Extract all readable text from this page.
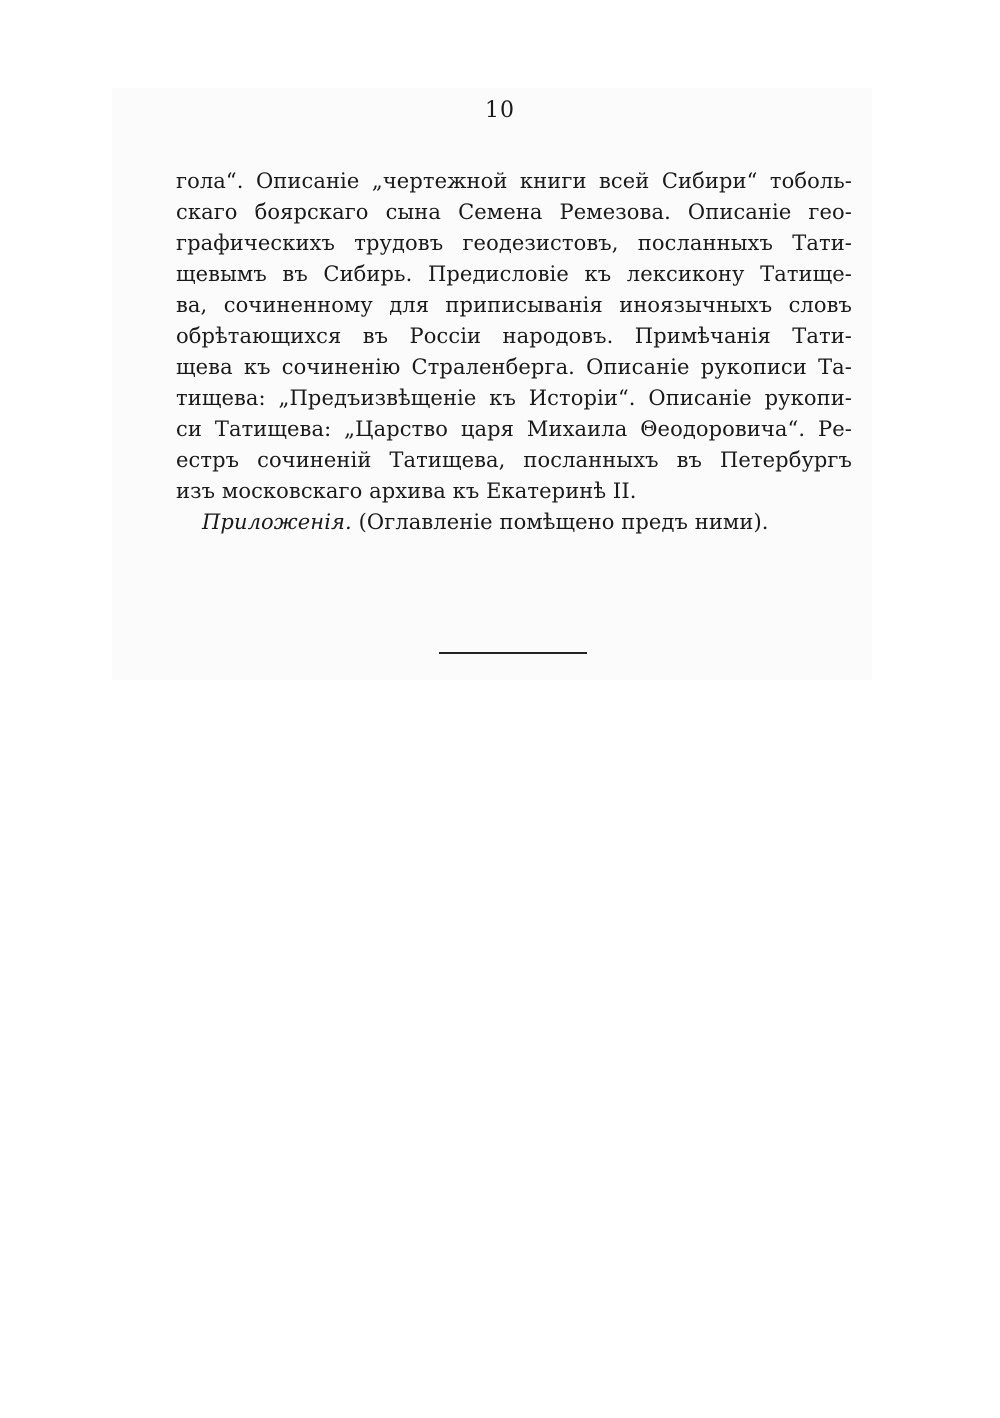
10
гола“. Описанiе „чертежной книги всей Сибири“ тоболь-
скаго боярскаго сына Семена Ремезова. Описанiе гео-
графическихъ трудовъ геодезистовъ, посланныхъ Тати-
щевымъ въ Сибирь. Предисловiе къ лексикону Татище-
ва, сочиненному для приписыванiя иноязычныхъ словъ
обрѣтающихся въ Россiи народовъ. Примѣчанiя Тати-
щева къ сочиненiю Страленберга. Описанiе рукописи Та-
тищева: „Предъизвѣщенiе къ Исторiи“. Описанiе рукопи-
си Татищева: „Царство царя Михаила Θеодоровича“. Ре-
естръ сочиненiй Татищева, посланныхъ въ Петербургъ
изъ московскаго архива къ Екатеринѣ II.
Приложенiя. (Оглавленiе помѣщено предъ ними).
